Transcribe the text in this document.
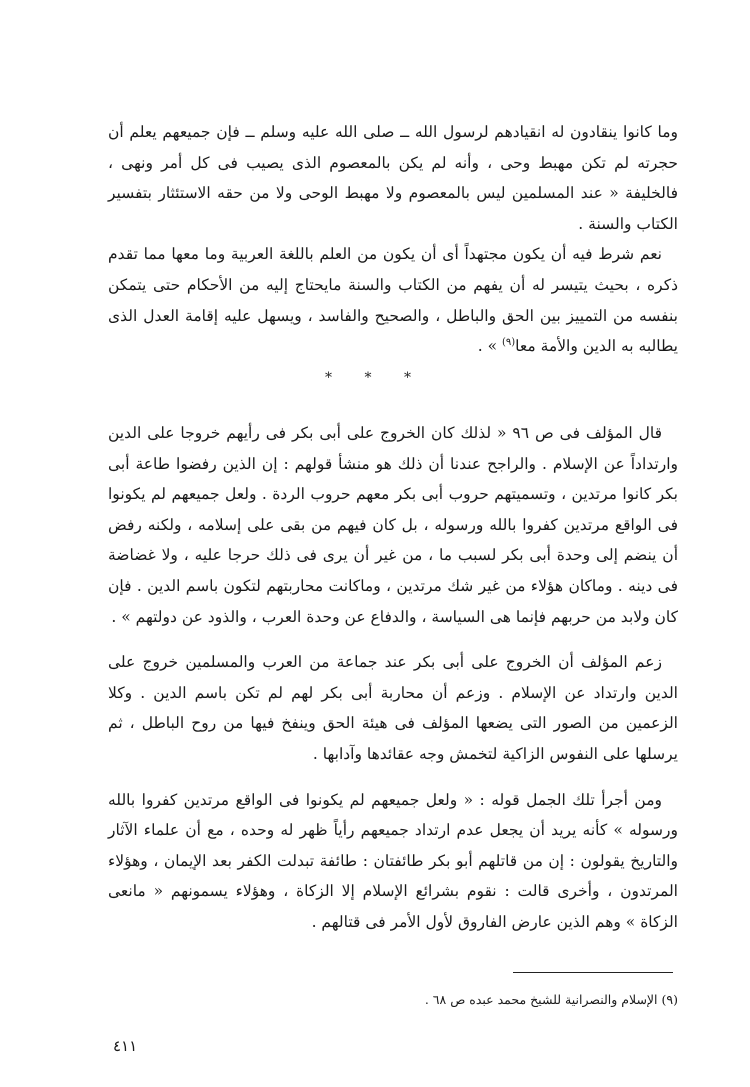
وما كانوا ينقادون له انقيادهم لرسول الله ــ صلى الله عليه وسلم ــ فإن جميعهم يعلم أن حجرته لم تكن مهبط وحى ، وأنه لم يكن بالمعصوم الذى يصيب فى كل أمر ونهى ، فالخليفة « عند المسلمين ليس بالمعصوم ولا مهبط الوحى ولا من حقه الاستئثار بتفسير الكتاب والسنة .

نعم شرط فيه أن يكون مجتهداً أى أن يكون من العلم باللغة العربية وما معها مما تقدم ذكره ، بحيث يتيسر له أن يفهم من الكتاب والسنة مايحتاج إليه من الأحكام حتى يتمكن بنفسه من التمييز بين الحق والباطل ، والصحيح والفاسد ، ويسهل عليه إقامة العدل الذى يطالبه به الدين والأمة معا$^{(٩)}$ » .

* * *

قال المؤلف فى ص ٩٦ « لذلك كان الخروج على أبى بكر فى رأيهم خروجا على الدين وارتداداً عن الإسلام . والراجح عندنا أن ذلك هو منشأ قولهم : إن الذين رفضوا طاعة أبى بكر كانوا مرتدين ، وتسميتهم حروب أبى بكر معهم حروب الردة . ولعل جميعهم لم يكونوا فى الواقع مرتدين كفروا بالله ورسوله ، بل كان فيهم من بقى على إسلامه ، ولكنه رفض أن ينضم إلى وحدة أبى بكر لسبب ما ، من غير أن يرى فى ذلك حرجا عليه ، ولا غضاضة فى دينه . وماكان هؤلاء من غير شك مرتدين ، وماكانت محاربتهم لتكون باسم الدين . فإن كان ولابد من حربهم فإنما هى السياسة ، والدفاع عن وحدة العرب ، والذود عن دولتهم » .

زعم المؤلف أن الخروج على أبى بكر عند جماعة من العرب والمسلمين خروج على الدين وارتداد عن الإسلام . وزعم أن محاربة أبى بكر لهم لم تكن باسم الدين . وكلا الزعمين من الصور التى يضعها المؤلف فى هيئة الحق وينفخ فيها من روح الباطل ، ثم يرسلها على النفوس الزاكية لتخمش وجه عقائدها وآدابها .

ومن أجرأ تلك الجمل قوله : « ولعل جميعهم لم يكونوا فى الواقع مرتدين كفروا بالله ورسوله » كأنه يريد أن يجعل عدم ارتداد جميعهم رأياً ظهر له وحده ، مع أن علماء الآثار والتاريخ يقولون : إن من قاتلهم أبو بكر طائفتان : طائفة تبدلت الكفر بعد الإيمان ، وهؤلاء المرتدون ، وأخرى قالت : نقوم بشرائع الإسلام إلا الزكاة ، وهؤلاء يسمونهم « مانعى الزكاة » وهم الذين عارض الفاروق لأول الأمر فى قتالهم .

(٩) الإسلام والنصرانية للشيخ محمد عبده ص ٦٨ .
٤١١
